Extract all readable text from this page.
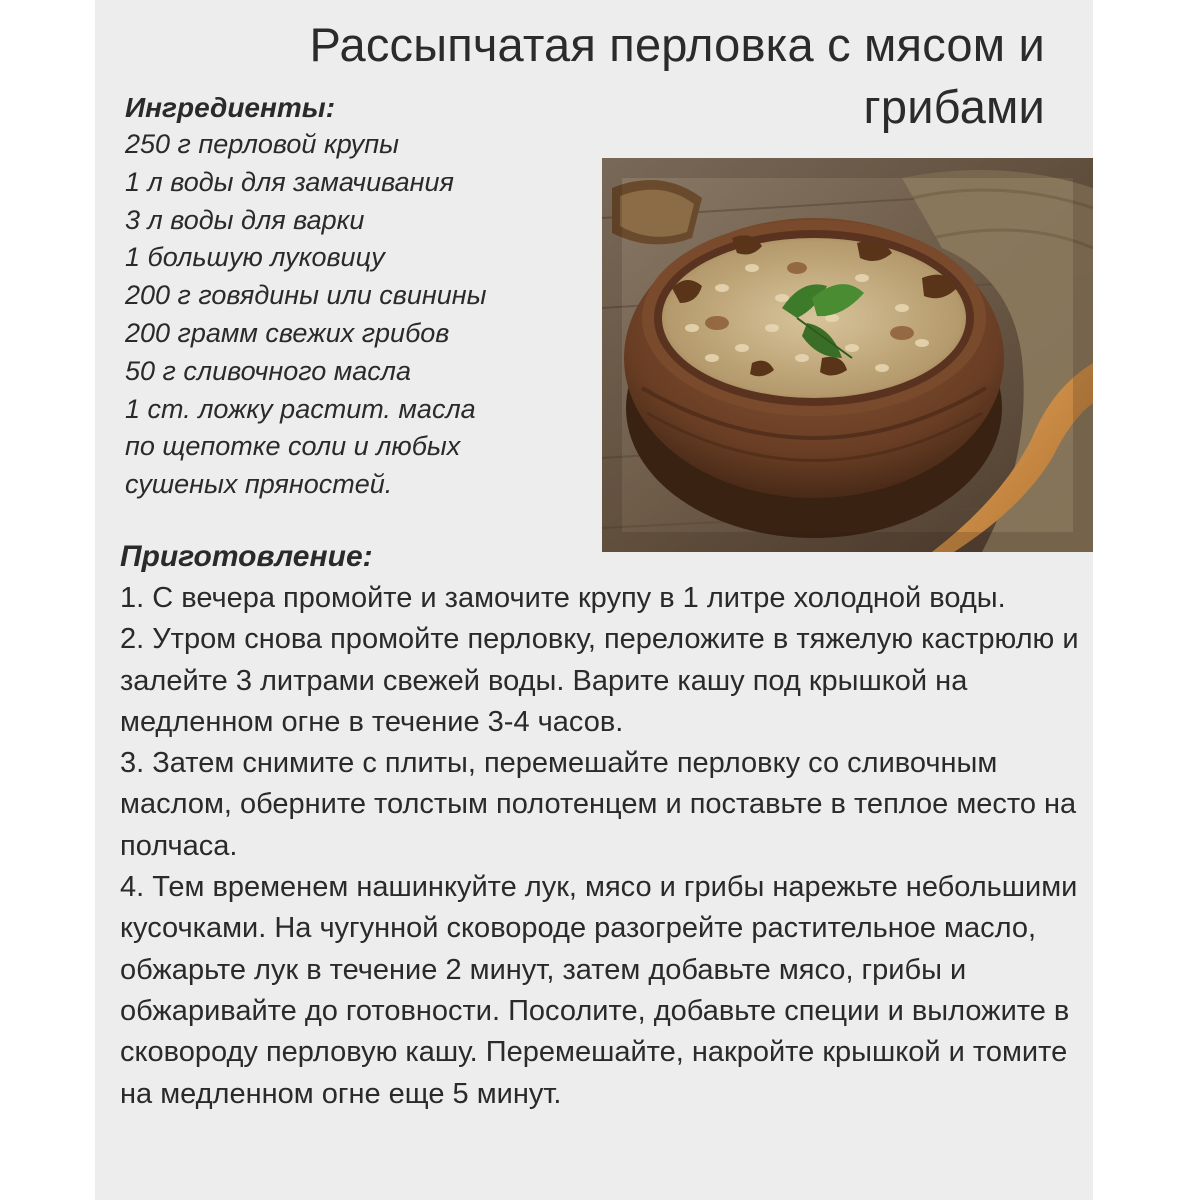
Рассыпчатая перловка с мясом и
грибами
Ингредиенты:
250 г перловой крупы
1 л воды для замачивания
3 л воды для варки
1 большую луковицу
200 г говядины или свинины
200 грамм свежих грибов
50 г сливочного масла
1 ст. ложку растит. масла
по щепотке соли и любых
сушеных пряностей.
Приготовление:
1. С вечера промойте и замочите крупу в 1 литре холодной воды.
2. Утром снова промойте перловку, переложите в тяжелую кастрюлю и залейте 3 литрами свежей воды. Варите кашу под крышкой на медленном огне в течение 3-4 часов.
3. Затем снимите с плиты, перемешайте перловку со сливочным маслом, оберните толстым полотенцем и поставьте в теплое место на полчаса.
4. Тем временем нашинкуйте лук, мясо и грибы нарежьте небольшими кусочками. На чугунной сковороде разогрейте растительное масло, обжарьте лук в течение 2 минут, затем добавьте мясо, грибы и обжаривайте до готовности. Посолите, добавьте специи и выложите в сковороду перловую кашу. Перемешайте, накройте крышкой и томите на медленном огне еще 5 минут.
